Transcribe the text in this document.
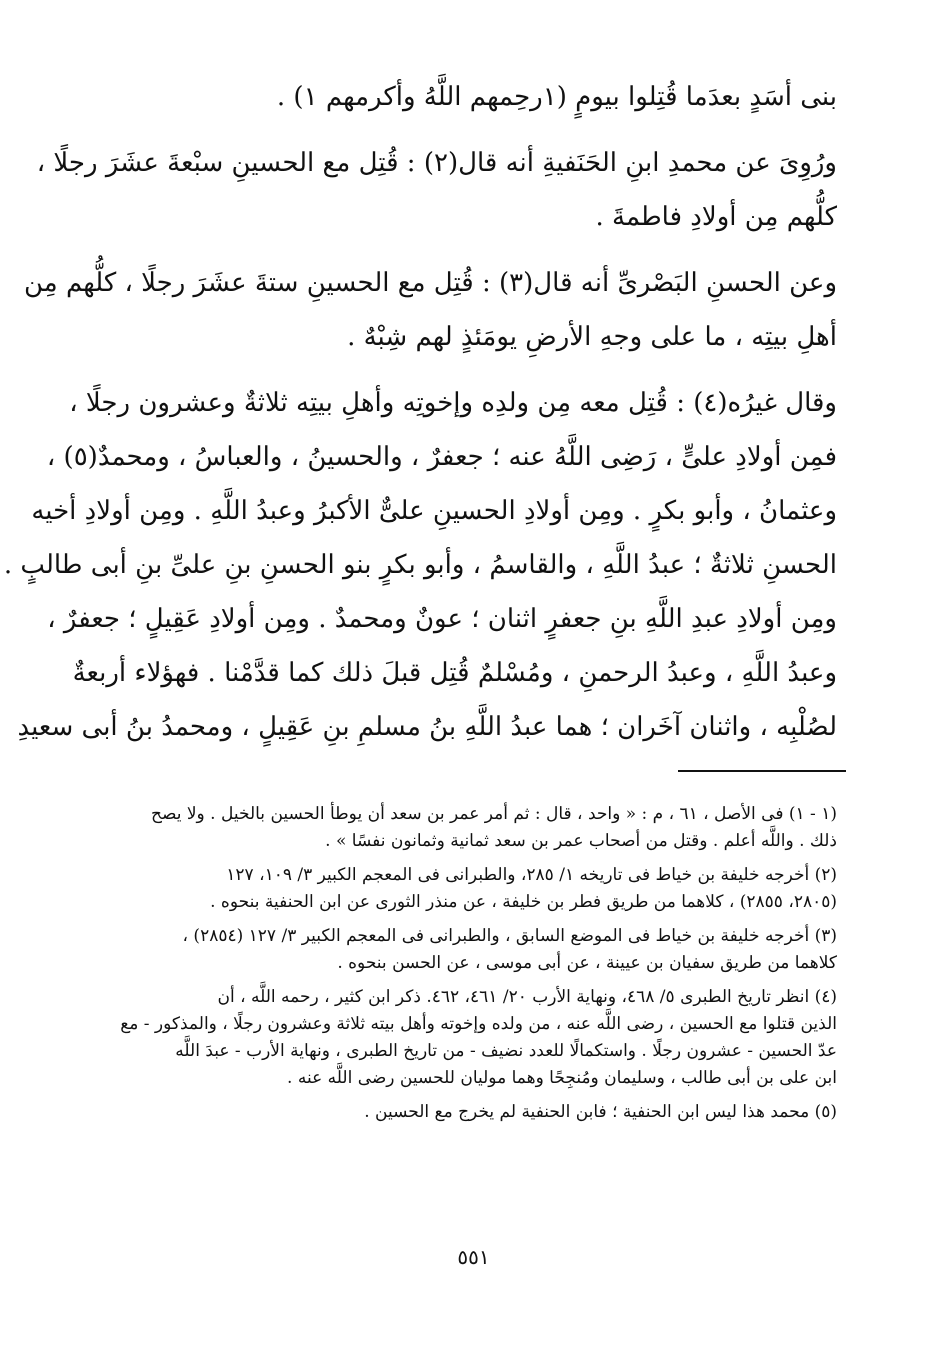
بنى أسَدٍ بعدَما قُتِلوا بيومٍ (١رحِمهم اللَّهُ وأكرمهم ١) .
ورُوِىَ عن محمدِ ابنِ الحَنَفيةِ أنه قال(٢) : قُتِل مع الحسينِ سبْعةَ عشَرَ رجلًا ،
كلُّهم مِن أولادِ فاطمةَ .
وعن الحسنِ البَصْرىِّ أنه قال(٣) : قُتِل مع الحسينِ ستةَ عشَرَ رجلًا ، كلُّهم مِن
أهلِ بيتِه ، ما على وجهِ الأرضِ يومَئذٍ لهم شِبْهٌ .
وقال غيرُه(٤) : قُتِل معه مِن ولدِه وإخوتِه وأهلِ بيتِه ثلاثةٌ وعشرون رجلًا ،
فمِن أولادِ علىٍّ ، رَضِى اللَّهُ عنه ؛ جعفرٌ ، والحسينُ ، والعباسُ ، ومحمدٌ(٥) ،
وعثمانُ ، وأبو بكرٍ . ومِن أولادِ الحسينِ علىٌّ الأكبرُ وعبدُ اللَّهِ . ومِن أولادِ أخيه
الحسنِ ثلاثةٌ ؛ عبدُ اللَّهِ ، والقاسمُ ، وأبو بكرٍ بنو الحسنِ بنِ علىِّ بنِ أبى طالبٍ .
ومِن أولادِ عبدِ اللَّهِ بنِ جعفرٍ اثنان ؛ عونٌ ومحمدٌ . ومِن أولادِ عَقِيلٍ ؛ جعفرٌ ،
وعبدُ اللَّهِ ، وعبدُ الرحمنِ ، ومُسْلمٌ قُتِل قبلَ ذلك كما قدَّمْنا . فهؤلاء أربعةٌ
لصُلْبِه ، واثنان آخَران ؛ هما عبدُ اللَّهِ بنُ مسلمِ بنِ عَقِيلٍ ، ومحمدُ بنُ أبى سعيدِ
(١ - ١) فى الأصل ، ٦١ ، م : « واحد ، قال : ثم أمر عمر بن سعد أن يوطأ الحسين بالخيل . ولا يصح
ذلك . واللَّه أعلم . وقتل من أصحاب عمر بن سعد ثمانية وثمانون نفسًا » .
(٢) أخرجه خليفة بن خياط فى تاريخه ١/ ٢٨٥، والطبرانى فى المعجم الكبير ٣/ ١٠٩، ١٢٧
(٢٨٠٥، ٢٨٥٥) ، كلاهما من طريق فطر بن خليفة ، عن منذر الثورى عن ابن الحنفية بنحوه .
(٣) أخرجه خليفة بن خياط فى الموضع السابق ، والطبرانى فى المعجم الكبير ٣/ ١٢٧ (٢٨٥٤) ،
كلاهما من طريق سفيان بن عيينة ، عن أبى موسى ، عن الحسن بنحوه .
(٤) انظر تاريخ الطبرى ٥/ ٤٦٨، ونهاية الأرب ٢٠/ ٤٦١، ٤٦٢. ذكر ابن كثير ، رحمه اللَّه ، أن
الذين قتلوا مع الحسين ، رضى اللَّه عنه ، من ولده وإخوته وأهل بيته ثلاثة وعشرون رجلًا ، والمذكور - مع
عدّ الحسين - عشرون رجلًا . واستكمالًا للعدد نضيف - من تاريخ الطبرى ، ونهاية الأرب - عبدَ اللَّه
ابن على بن أبى طالب ، وسليمان ومُنجِحًا وهما موليان للحسين رضى اللَّه عنه .
(٥) محمد هذا ليس ابن الحنفية ؛ فابن الحنفية لم يخرج مع الحسين .
٥٥١
